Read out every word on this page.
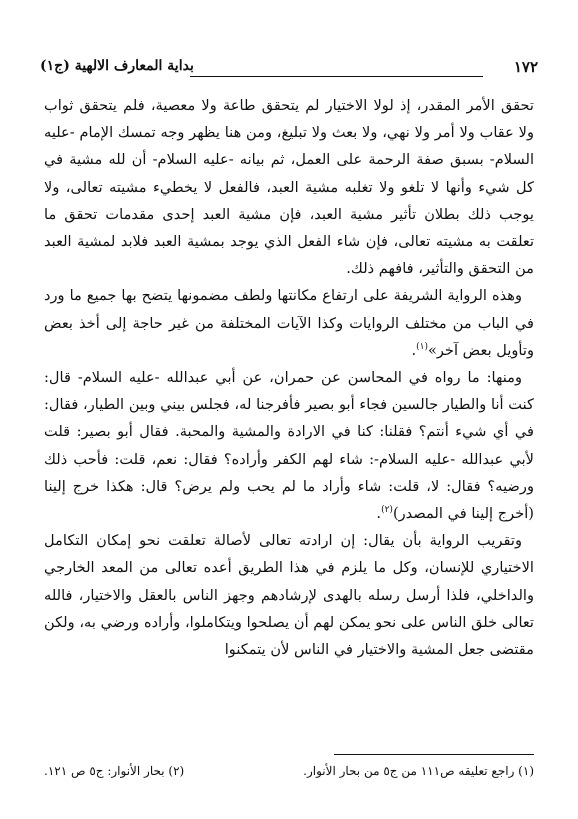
١٧٢
بداية المعارف الالهية (ج١)

تحقق الأمر المقدر، إذ لولا الاختيار لم يتحقق طاعة ولا معصية، فلم يتحقق ثواب ولا عقاب ولا أمر ولا نهي، ولا بعث ولا تبليغ، ومن هنا يظهر وجه تمسك الإمام -عليه السلام- بسبق صفة الرحمة على العمل، ثم بيانه -عليه السلام- أن لله مشية في كل شيء وأنها لا تلغو ولا تغلبه مشية العبد، فالفعل لا يخطيء مشيته تعالى، ولا يوجب ذلك بطلان تأثير مشية العبد، فإن مشية العبد إحدى مقدمات تحقق ما تعلقت به مشيته تعالى، فإن شاء الفعل الذي يوجد بمشية العبد فلابد لمشية العبد من التحقق والتأثير، فافهم ذلك.

وهذه الرواية الشريفة على ارتفاع مكانتها ولطف مضمونها يتضح بها جميع ما ورد في الباب من مختلف الروايات وكذا الآيات المختلفة من غير حاجة إلى أخذ بعض وتأويل بعض آخر»$^{(١)}$.

ومنها: ما رواه في المحاسن عن حمران، عن أبي عبدالله -عليه السلام- قال: كنت أنا والطيار جالسين فجاء أبو بصير فأفرجنا له، فجلس بيني وبين الطيار، فقال: في أي شيء أنتم؟ فقلنا: كنا في الارادة والمشية والمحبة. فقال أبو بصير: قلت لأبي عبدالله -عليه السلام-: شاء لهم الكفر وأراده؟ فقال: نعم، قلت: فأحب ذلك ورضيه؟ فقال: لا، قلت: شاء وأراد ما لم يحب ولم يرض؟ قال: هكذا خرج إلينا (أخرج إلينا في المصدر)$^{(٢)}$.

وتقريب الرواية بأن يقال: إن ارادته تعالى لأصالة تعلقت نحو إمكان التكامل الاختياري للإنسان، وكل ما يلزم في هذا الطريق أعده تعالى من المعد الخارجي والداخلي، فلذا أرسل رسله بالهدى لإرشادهم وجهز الناس بالعقل والاختيار، فالله تعالى خلق الناس على نحو يمكن لهم أن يصلحوا ويتكاملوا، وأراده ورضي به، ولكن مقتضى جعل المشية والاختيار في الناس لأن يتمكنوا

(١) راجع تعليقه ص١١١ من ج٥ من بحار الأنوار.
(٢) بحار الأنوار: ج٥ ص ١٢١.
